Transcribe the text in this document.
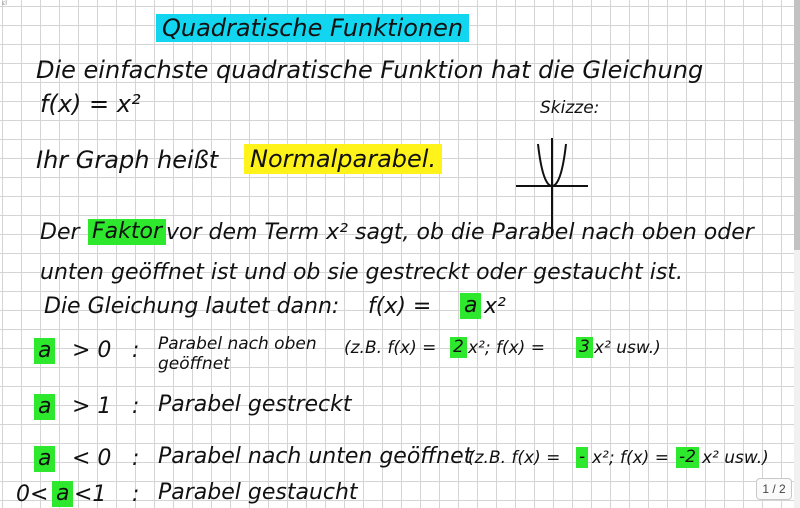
ɛl
Quadratische Funktionen
Die einfachste quadratische Funktion hat die Gleichung
f(x) = x²	Skizze:
Ihr Graph heißt Normalparabel.
Der Faktor vor dem Term x² sagt, ob die Parabel nach oben oder
unten geöffnet ist und ob sie gestreckt oder gestaucht ist.
Die Gleichung lautet dann: f(x) = a x²
a > 0 : Parabel nach oben
geöffnet
(z.B. f(x) = 2 x²; f(x) = 3 x² usw.)
a > 1 : Parabel gestreckt
a < 0 : Parabel nach unten geöffnet
(z.B. f(x) = - x²; f(x) = -2 x² usw.)
0< a <1 : Parabel gestaucht	1 / 2
